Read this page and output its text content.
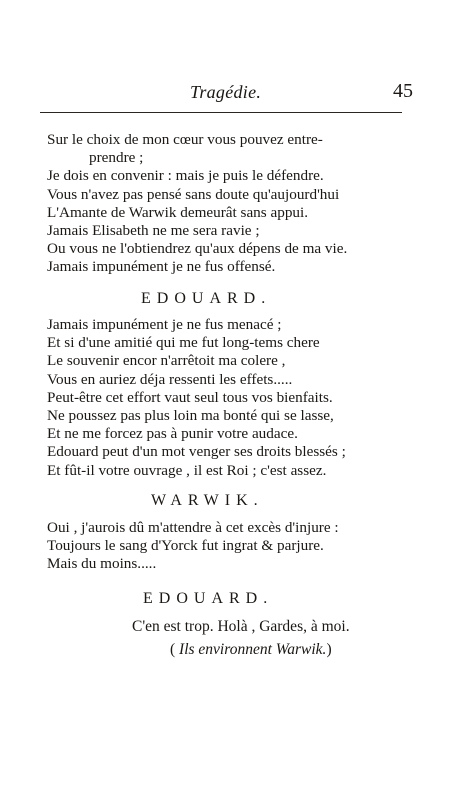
Tragédie.	45
Sur le choix de mon cœur vous pouvez entre-
prendre ;
Je dois en convenir : mais je puis le défendre.
Vous n'avez pas pensé sans doute qu'aujourd'hui
L'Amante de Warwik demeurât sans appui.
Jamais Elisabeth ne me sera ravie ;
Ou vous ne l'obtiendrez qu'aux dépens de ma vie.
Jamais impunément je ne fus offensé.
EDOUARD.
Jamais impunément je ne fus menacé ;
Et si d'une amitié qui me fut long-tems chere
Le souvenir encor n'arrêtoit ma colere ,
Vous en auriez déja ressenti les effets.....
Peut-être cet effort vaut seul tous vos bienfaits.
Ne poussez pas plus loin ma bonté qui se lasse,
Et ne me forcez pas à punir votre audace.
Edouard peut d'un mot venger ses droits blessés ;
Et fût-il votre ouvrage , il est Roi ; c'est assez.
WARWIK.
Oui , j'aurois dû m'attendre à cet excès d'injure :
Toujours le sang d'Yorck fut ingrat & parjure.
Mais du moins.....
EDOUARD.
C'en est trop. Holà , Gardes, à moi.
( Ils environnent Warwik.)
